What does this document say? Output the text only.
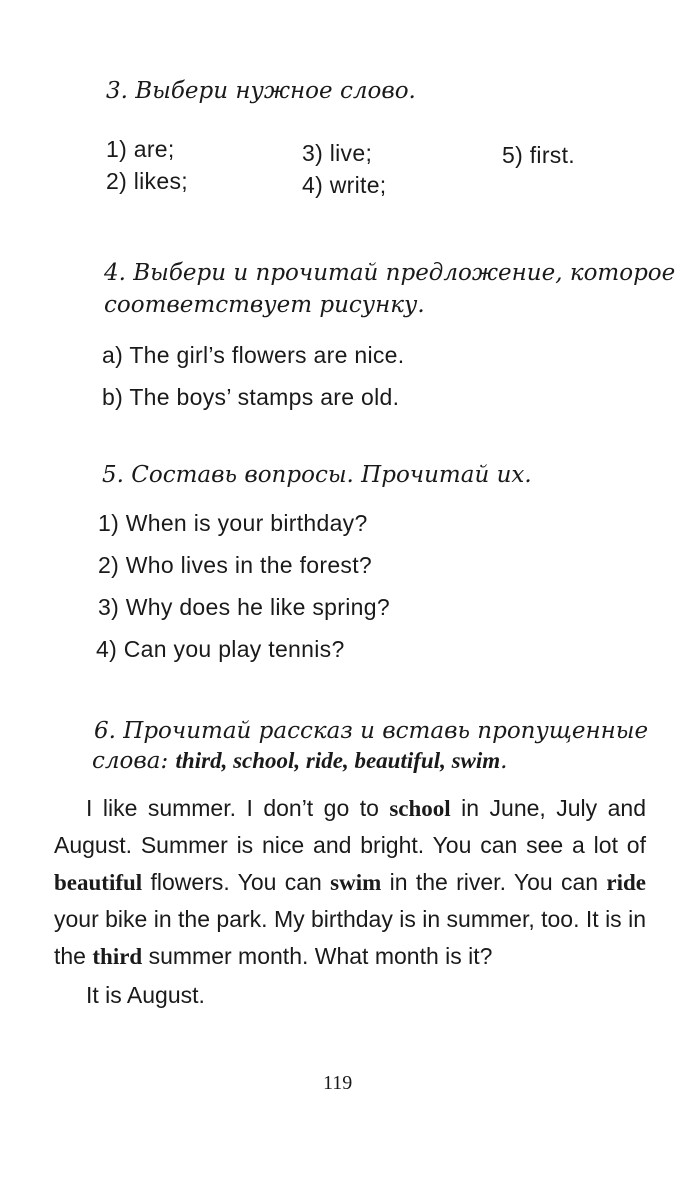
3. Выбери нужное слово.
1) are;
2) likes;
3) live;
4) write;
5) first.
4. Выбери и прочитай предложение, которое
соответствует рисунку.
a) The girl’s flowers are nice.
b) The boys’ stamps are old.
5. Составь вопросы. Прочитай их.
1) When is your birthday?
2) Who lives in the forest?
3) Why does he like spring?
4) Can you play tennis?
6. Прочитай рассказ и вставь пропущенные
слова: third, school, ride, beautiful, swim.

I like summer. I don’t go to school in June, July and August. Summer is nice and bright. You can see a lot of beautiful flowers. You can swim in the river. You can ride your bike in the park. My birthday is in summer, too. It is in the third summer month. What month is it?

It is August.

119
